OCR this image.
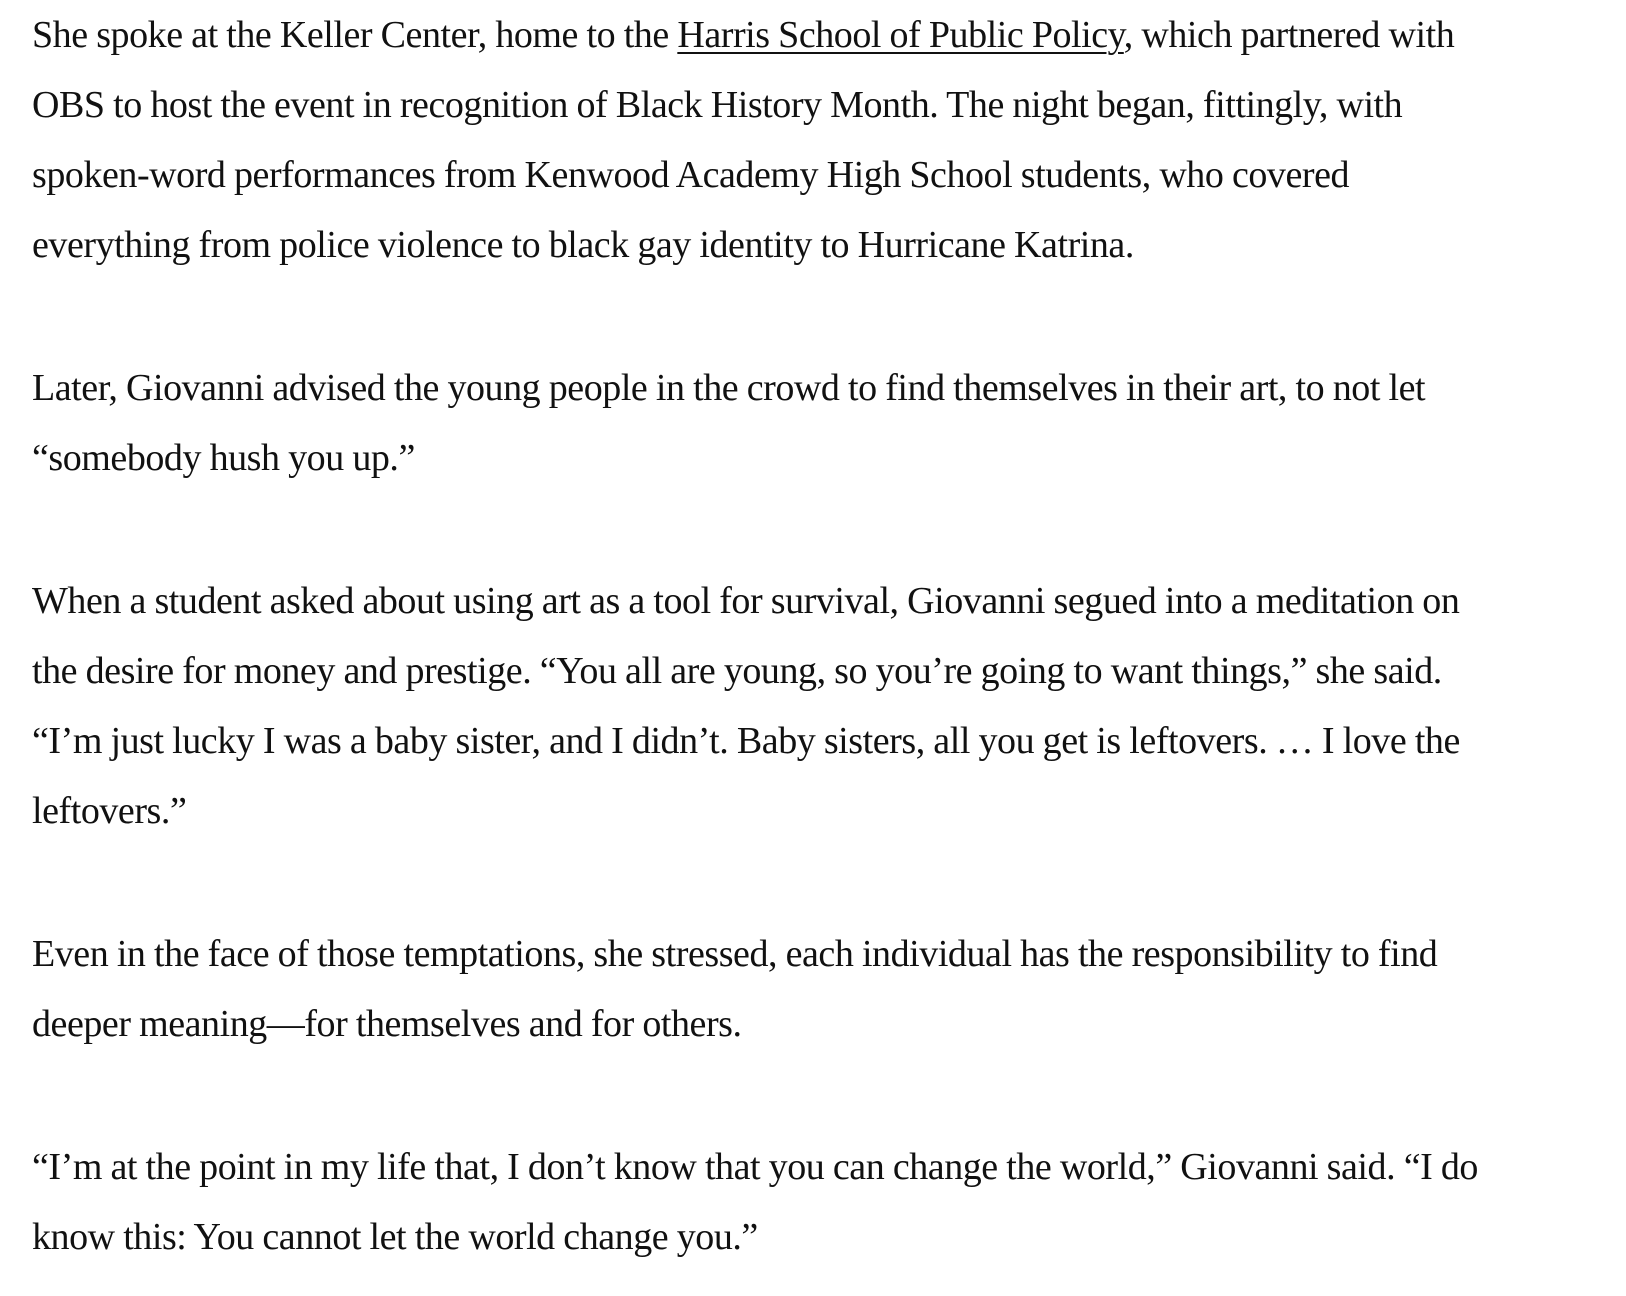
She spoke at the Keller Center, home to the Harris School of Public Policy, which partnered with
OBS to host the event in recognition of Black History Month. The night began, fittingly, with
spoken-word performances from Kenwood Academy High School students, who covered
everything from police violence to black gay identity to Hurricane Katrina.

Later, Giovanni advised the young people in the crowd to find themselves in their art, to not let
“somebody hush you up.”

When a student asked about using art as a tool for survival, Giovanni segued into a meditation on
the desire for money and prestige. “You all are young, so you’re going to want things,” she said.
“I’m just lucky I was a baby sister, and I didn’t. Baby sisters, all you get is leftovers. … I love the
leftovers.”

Even in the face of those temptations, she stressed, each individual has the responsibility to find
deeper meaning—for themselves and for others.

“I’m at the point in my life that, I don’t know that you can change the world,” Giovanni said. “I do
know this: You cannot let the world change you.”
